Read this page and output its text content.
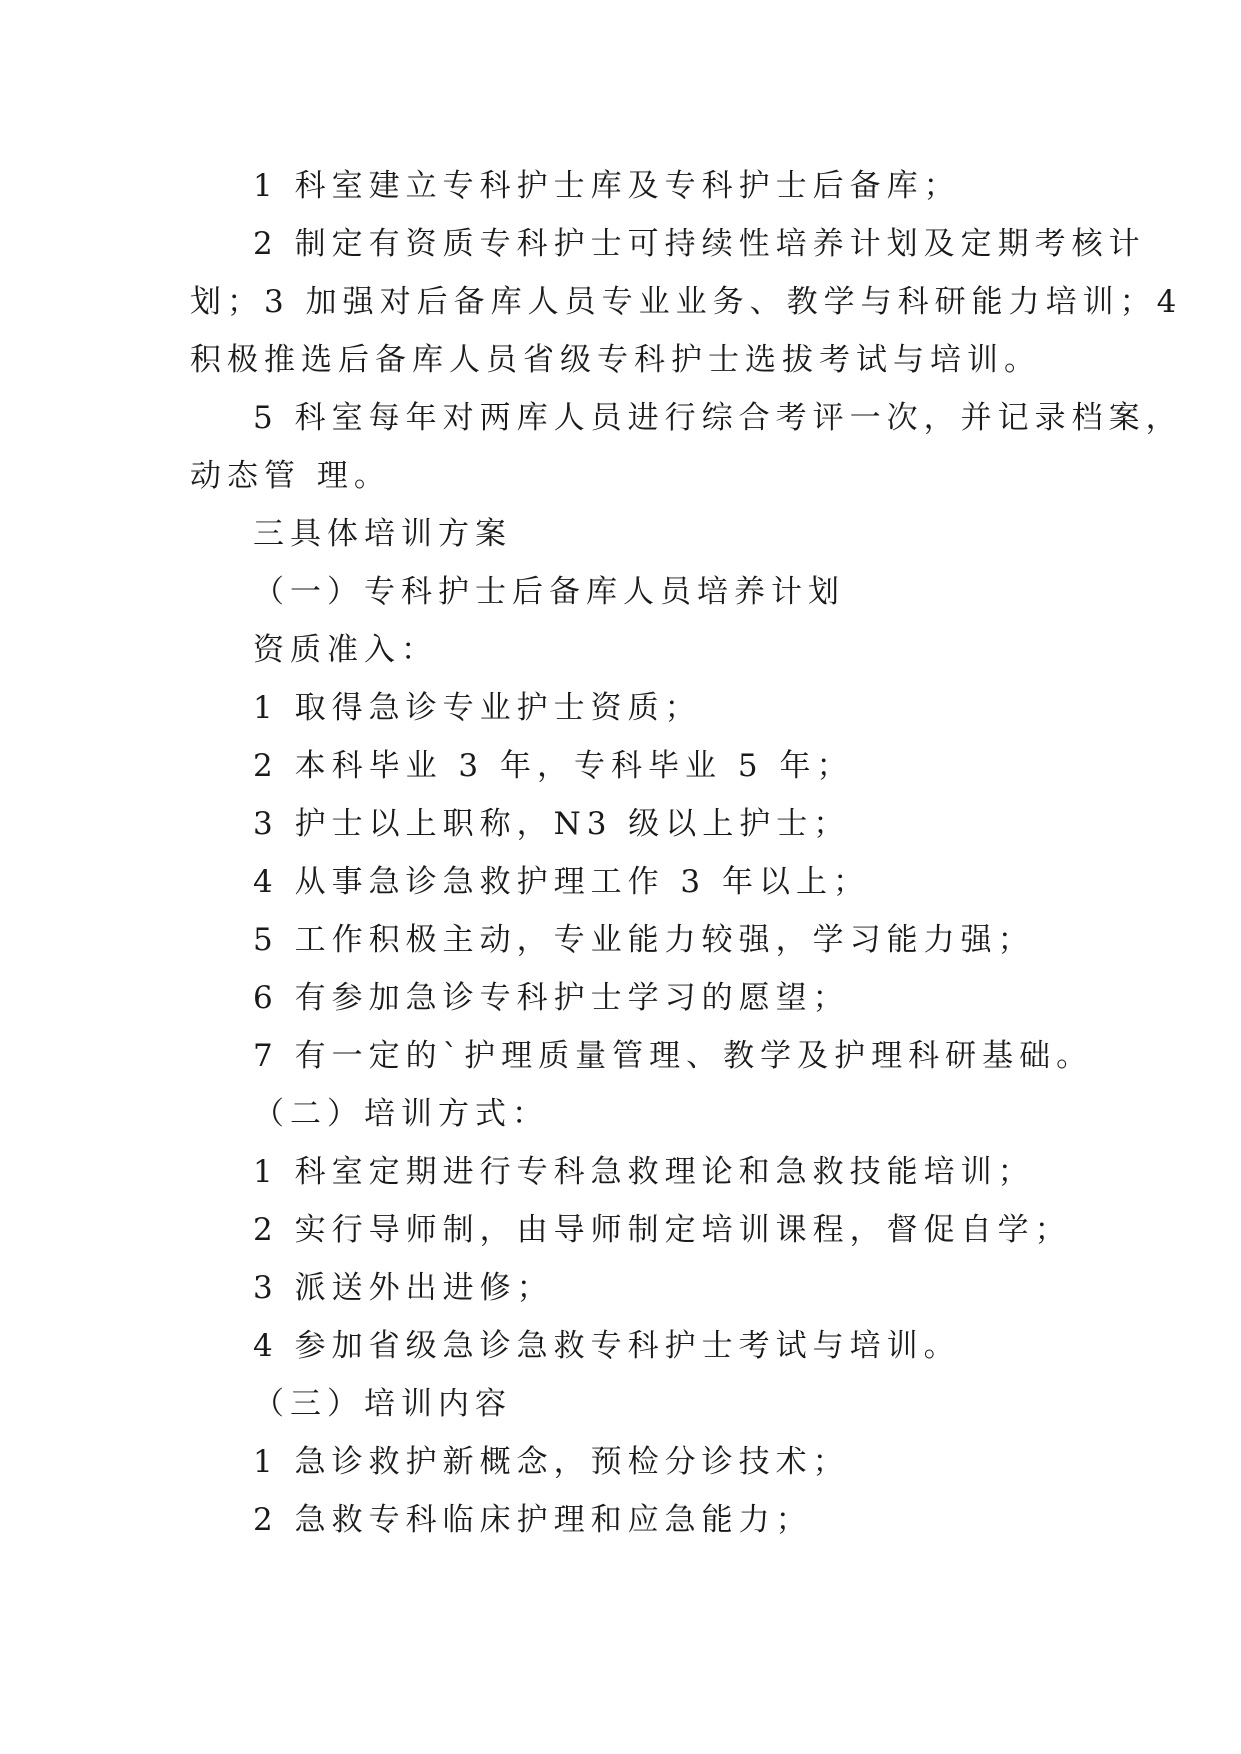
1 科室建立专科护士库及专科护士后备库；
2 制定有资质专科护士可持续性培养计划及定期考核计
划；3 加强对后备库人员专业业务、教学与科研能力培训；4
积极推选后备库人员省级专科护士选拔考试与培训。
5 科室每年对两库人员进行综合考评一次，并记录档案，
动态管 理。
三具体培训方案
（一）专科护士后备库人员培养计划
资质准入：
1 取得急诊专业护士资质；
2 本科毕业 3 年，专科毕业 5 年；
3 护士以上职称，N3 级以上护士；
4 从事急诊急救护理工作 3 年以上；
5 工作积极主动，专业能力较强，学习能力强；
6 有参加急诊专科护士学习的愿望；
7 有一定的`护理质量管理、教学及护理科研基础。
（二）培训方式：
1 科室定期进行专科急救理论和急救技能培训；
2 实行导师制，由导师制定培训课程，督促自学；
3 派送外出进修；
4 参加省级急诊急救专科护士考试与培训。
（三）培训内容
1 急诊救护新概念，预检分诊技术；
2 急救专科临床护理和应急能力；
